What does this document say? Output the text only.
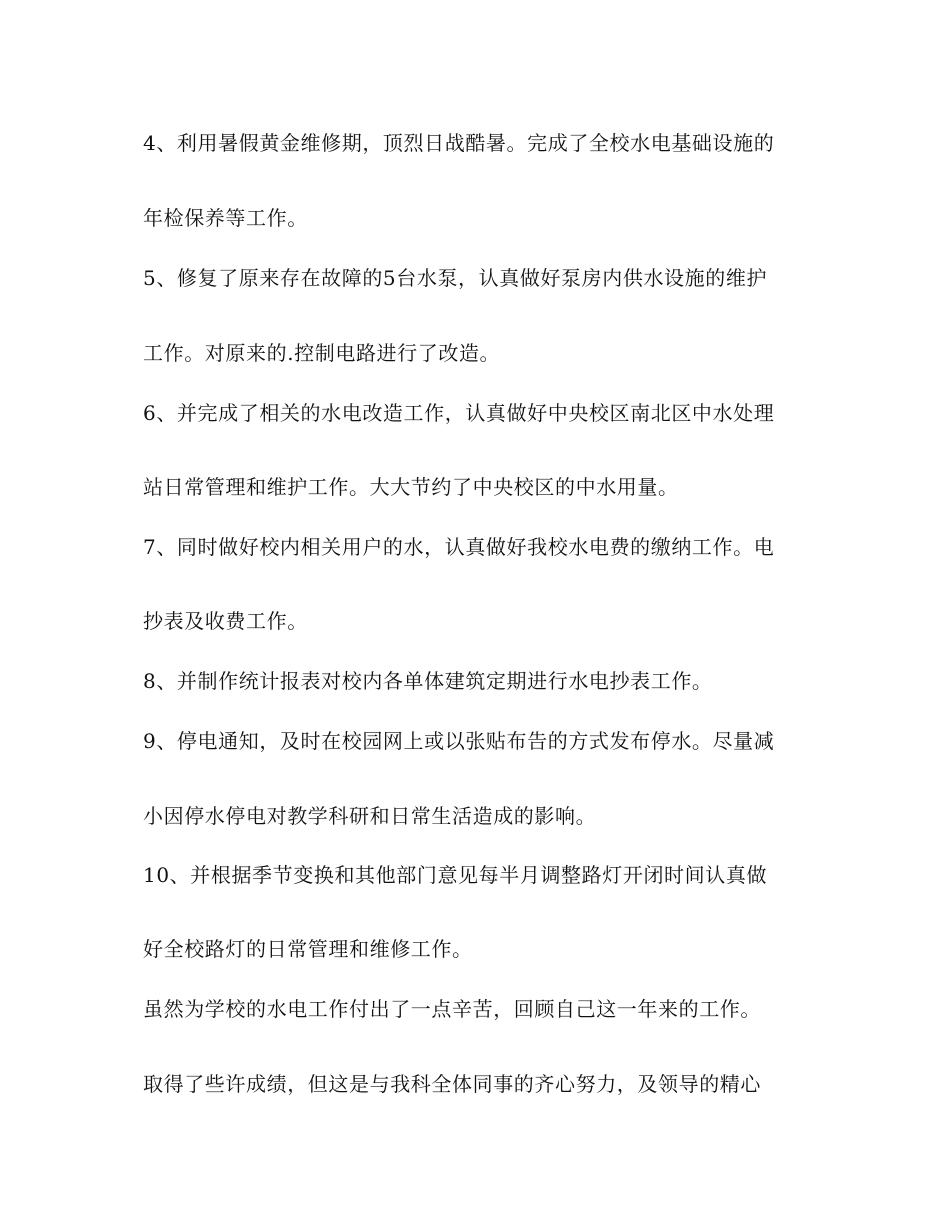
4、利用暑假黄金维修期，顶烈日战酷暑。完成了全校水电基础设施的
年检保养等工作。
5、修复了原来存在故障的5台水泵，认真做好泵房内供水设施的维护
工作。对原来的.控制电路进行了改造。
6、并完成了相关的水电改造工作，认真做好中央校区南北区中水处理
站日常管理和维护工作。大大节约了中央校区的中水用量。
7、同时做好校内相关用户的水，认真做好我校水电费的缴纳工作。电
抄表及收费工作。
8、并制作统计报表对校内各单体建筑定期进行水电抄表工作。
9、停电通知，及时在校园网上或以张贴布告的方式发布停水。尽量减
小因停水停电对教学科研和日常生活造成的影响。
10、并根据季节变换和其他部门意见每半月调整路灯开闭时间认真做
好全校路灯的日常管理和维修工作。
虽然为学校的水电工作付出了一点辛苦，回顾自己这一年来的工作。
取得了些许成绩，但这是与我科全体同事的齐心努力，及领导的精心
